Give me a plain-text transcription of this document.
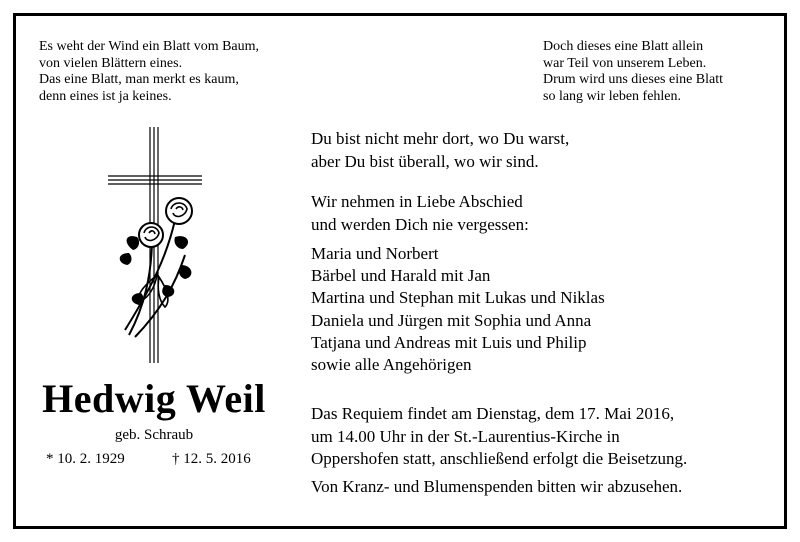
Es weht der Wind ein Blatt vom Baum,
von vielen Blättern eines.
Das eine Blatt, man merkt es kaum,
denn eines ist ja keines.
Doch dieses eine Blatt allein
war Teil von unserem Leben.
Drum wird uns dieses eine Blatt
so lang wir leben fehlen.
Du bist nicht mehr dort, wo Du warst,
aber Du bist überall, wo wir sind.
Wir nehmen in Liebe Abschied
und werden Dich nie vergessen:
Maria und Norbert
Bärbel und Harald mit Jan
Martina und Stephan mit Lukas und Niklas
Daniela und Jürgen mit Sophia und Anna
Tatjana und Andreas mit Luis und Philip
sowie alle Angehörigen
Hedwig Weil
geb. Schraub
* 10. 2. 1929	† 12. 5. 2016
Das Requiem findet am Dienstag, dem 17. Mai 2016,
um 14.00 Uhr in der St.-Laurentius-Kirche in
Oppershofen statt, anschließend erfolgt die Beisetzung.
Von Kranz- und Blumenspenden bitten wir abzusehen.
